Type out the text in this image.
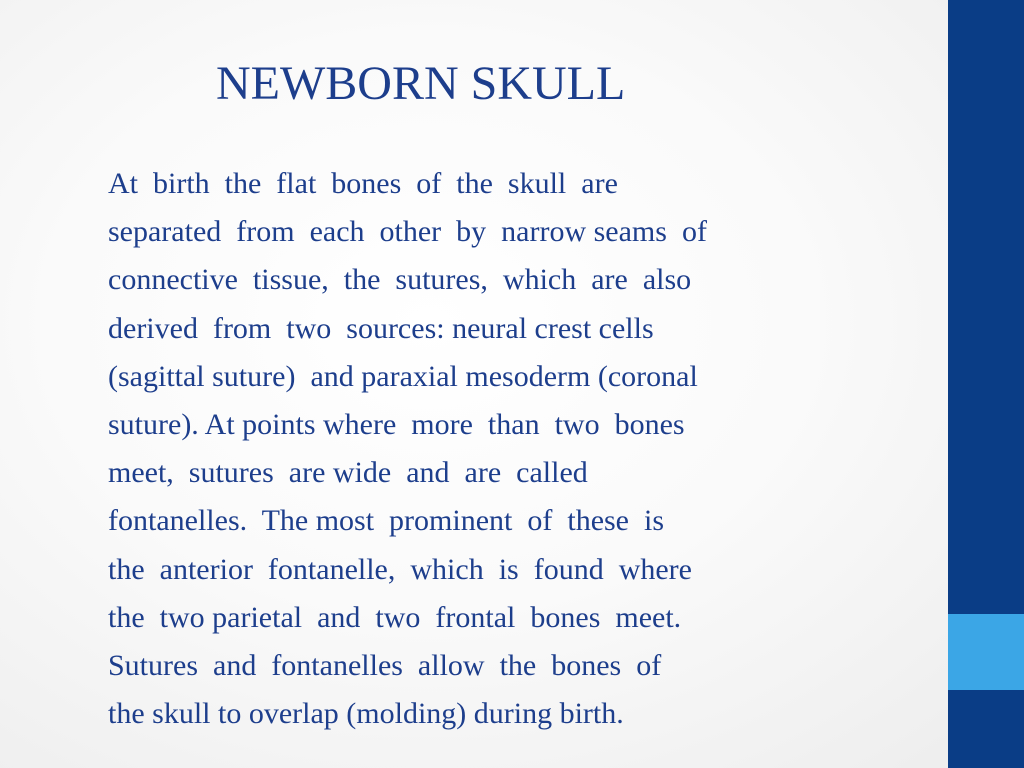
NEWBORN SKULL
At  birth  the  flat  bones  of  the  skull  are
separated  from  each  other  by  narrow seams  of
connective  tissue,  the  sutures,  which  are  also
derived  from  two  sources: neural crest cells
(sagittal suture)  and paraxial mesoderm (coronal
suture). At points where  more  than  two  bones
meet,  sutures  are wide  and  are  called
fontanelles.  The most  prominent  of  these  is
the  anterior  fontanelle,  which  is  found  where
the  two parietal  and  two  frontal  bones  meet.
Sutures  and  fontanelles  allow  the  bones  of
the skull to overlap (molding) during birth.
